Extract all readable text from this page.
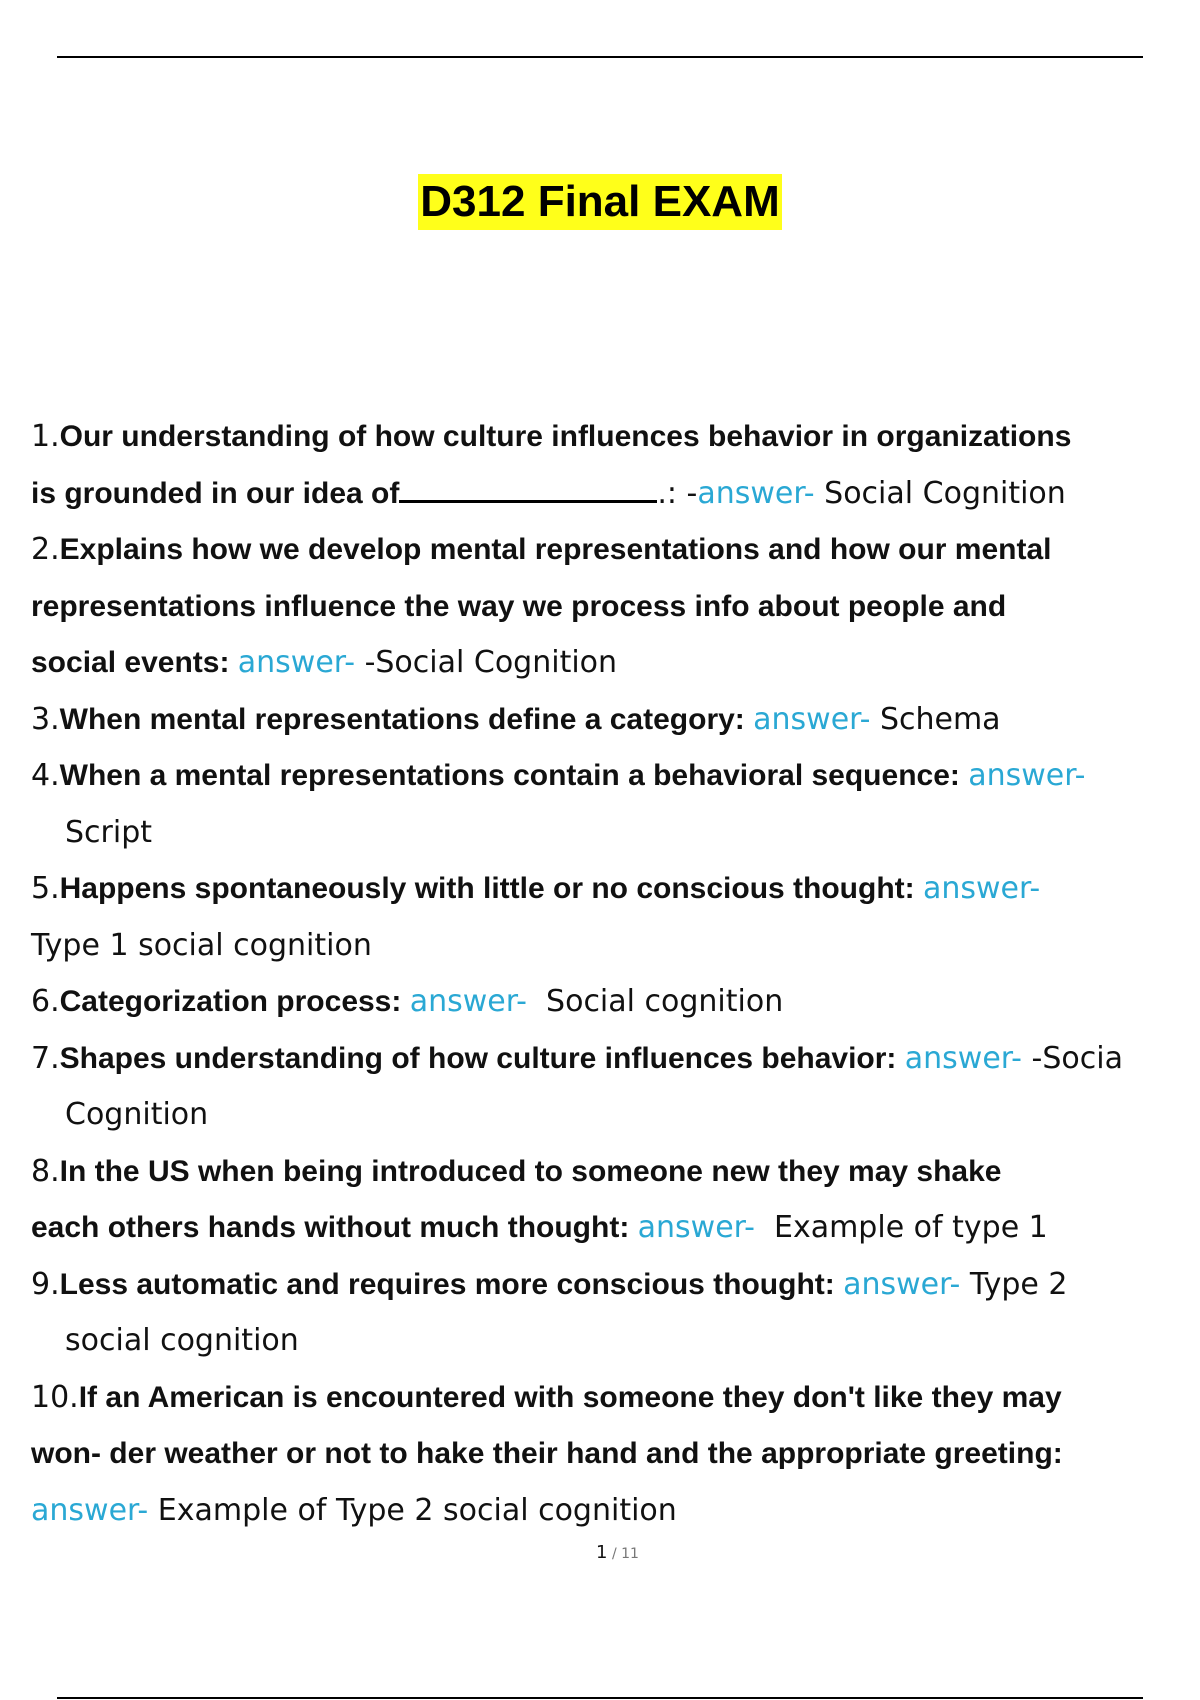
D312 Final EXAM
1.Our understanding of how culture influences behavior in organizations
is grounded in our idea of	.: -answer- Social Cognition
2.Explains how we develop mental representations and how our mental
representations influence the way we process info about people and
social events: answer- -Social Cognition
3.When mental representations define a category: answer- Schema
4.When a mental representations contain a behavioral sequence: answer-
Script
5.Happens spontaneously with little or no conscious thought: answer-
Type 1 social cognition
6.Categorization process: answer-  Social cognition
7.Shapes understanding of how culture influences behavior: answer- -Socia
Cognition
8.In the US when being introduced to someone new they may shake
each others hands without much thought: answer-  Example of type 1
9.Less automatic and requires more conscious thought: answer- Type 2
social cognition
10.If an American is encountered with someone they don't like they may
won- der weather or not to hake their hand and the appropriate greeting:
answer- Example of Type 2 social cognition
1 / 11
